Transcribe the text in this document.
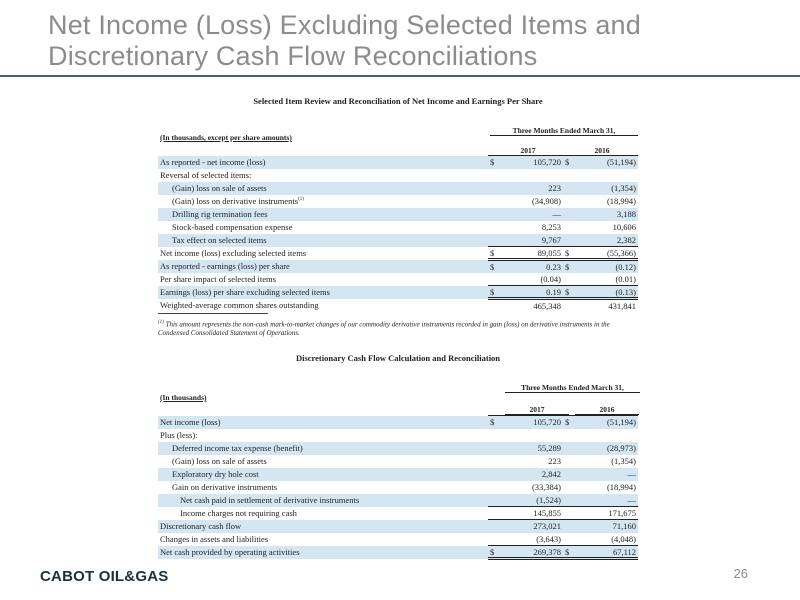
Net Income (Loss) Excluding Selected Items and Discretionary Cash Flow Reconciliations
Selected Item Review and Reconciliation of Net Income and Earnings Per Share
(In thousands, except per share amounts)
Three Months Ended March 31,
2017	2016
As reported - net income (loss)	$	105,720	$	(51,194)
Reversal of selected items:				
(Gain) loss on sale of assets		223		(1,354)
(Gain) loss on derivative instruments$^{(1)}$		(34,908)		(18,994)
Drilling rig termination fees		—		3,188
Stock-based compensation expense		8,253		10,606
Tax effect on selected items		9,767		2,382
Net income (loss) excluding selected items	$	89,055	$	(55,366)
As reported - earnings (loss) per share	$	0.23	$	(0.12)
Per share impact of selected items		(0.04)		(0.01)
Earnings (loss) per share excluding selected items	$	0.19	$	(0.13)
Weighted-average common shares outstanding		465,348		431,841
$^{(1)}$ This amount represents the non-cash mark-to-market changes of our commodity derivative instruments recorded in gain (loss) on derivative instruments in the Condensed Consolidated Statement of Operations.
Discretionary Cash Flow Calculation and Reconciliation
(In thousands)
Three Months Ended March 31,
2017	2016
Net income (loss)	$	105,720	$	(51,194)
Plus (less):				
Deferred income tax expense (benefit)		55,289		(28,973)
(Gain) loss on sale of assets		223		(1,354)
Exploratory dry hole cost		2,842		—
Gain on derivative instruments		(33,384)		(18,994)
Net cash paid in settlement of derivative instruments		(1,524)		—
Income charges not requiring cash		145,855		171,675
Discretionary cash flow		273,021		71,160
Changes in assets and liabilities		(3,643)		(4,048)
Net cash provided by operating activities	$	269,378	$	67,112
CABOT OIL&GAS	26
